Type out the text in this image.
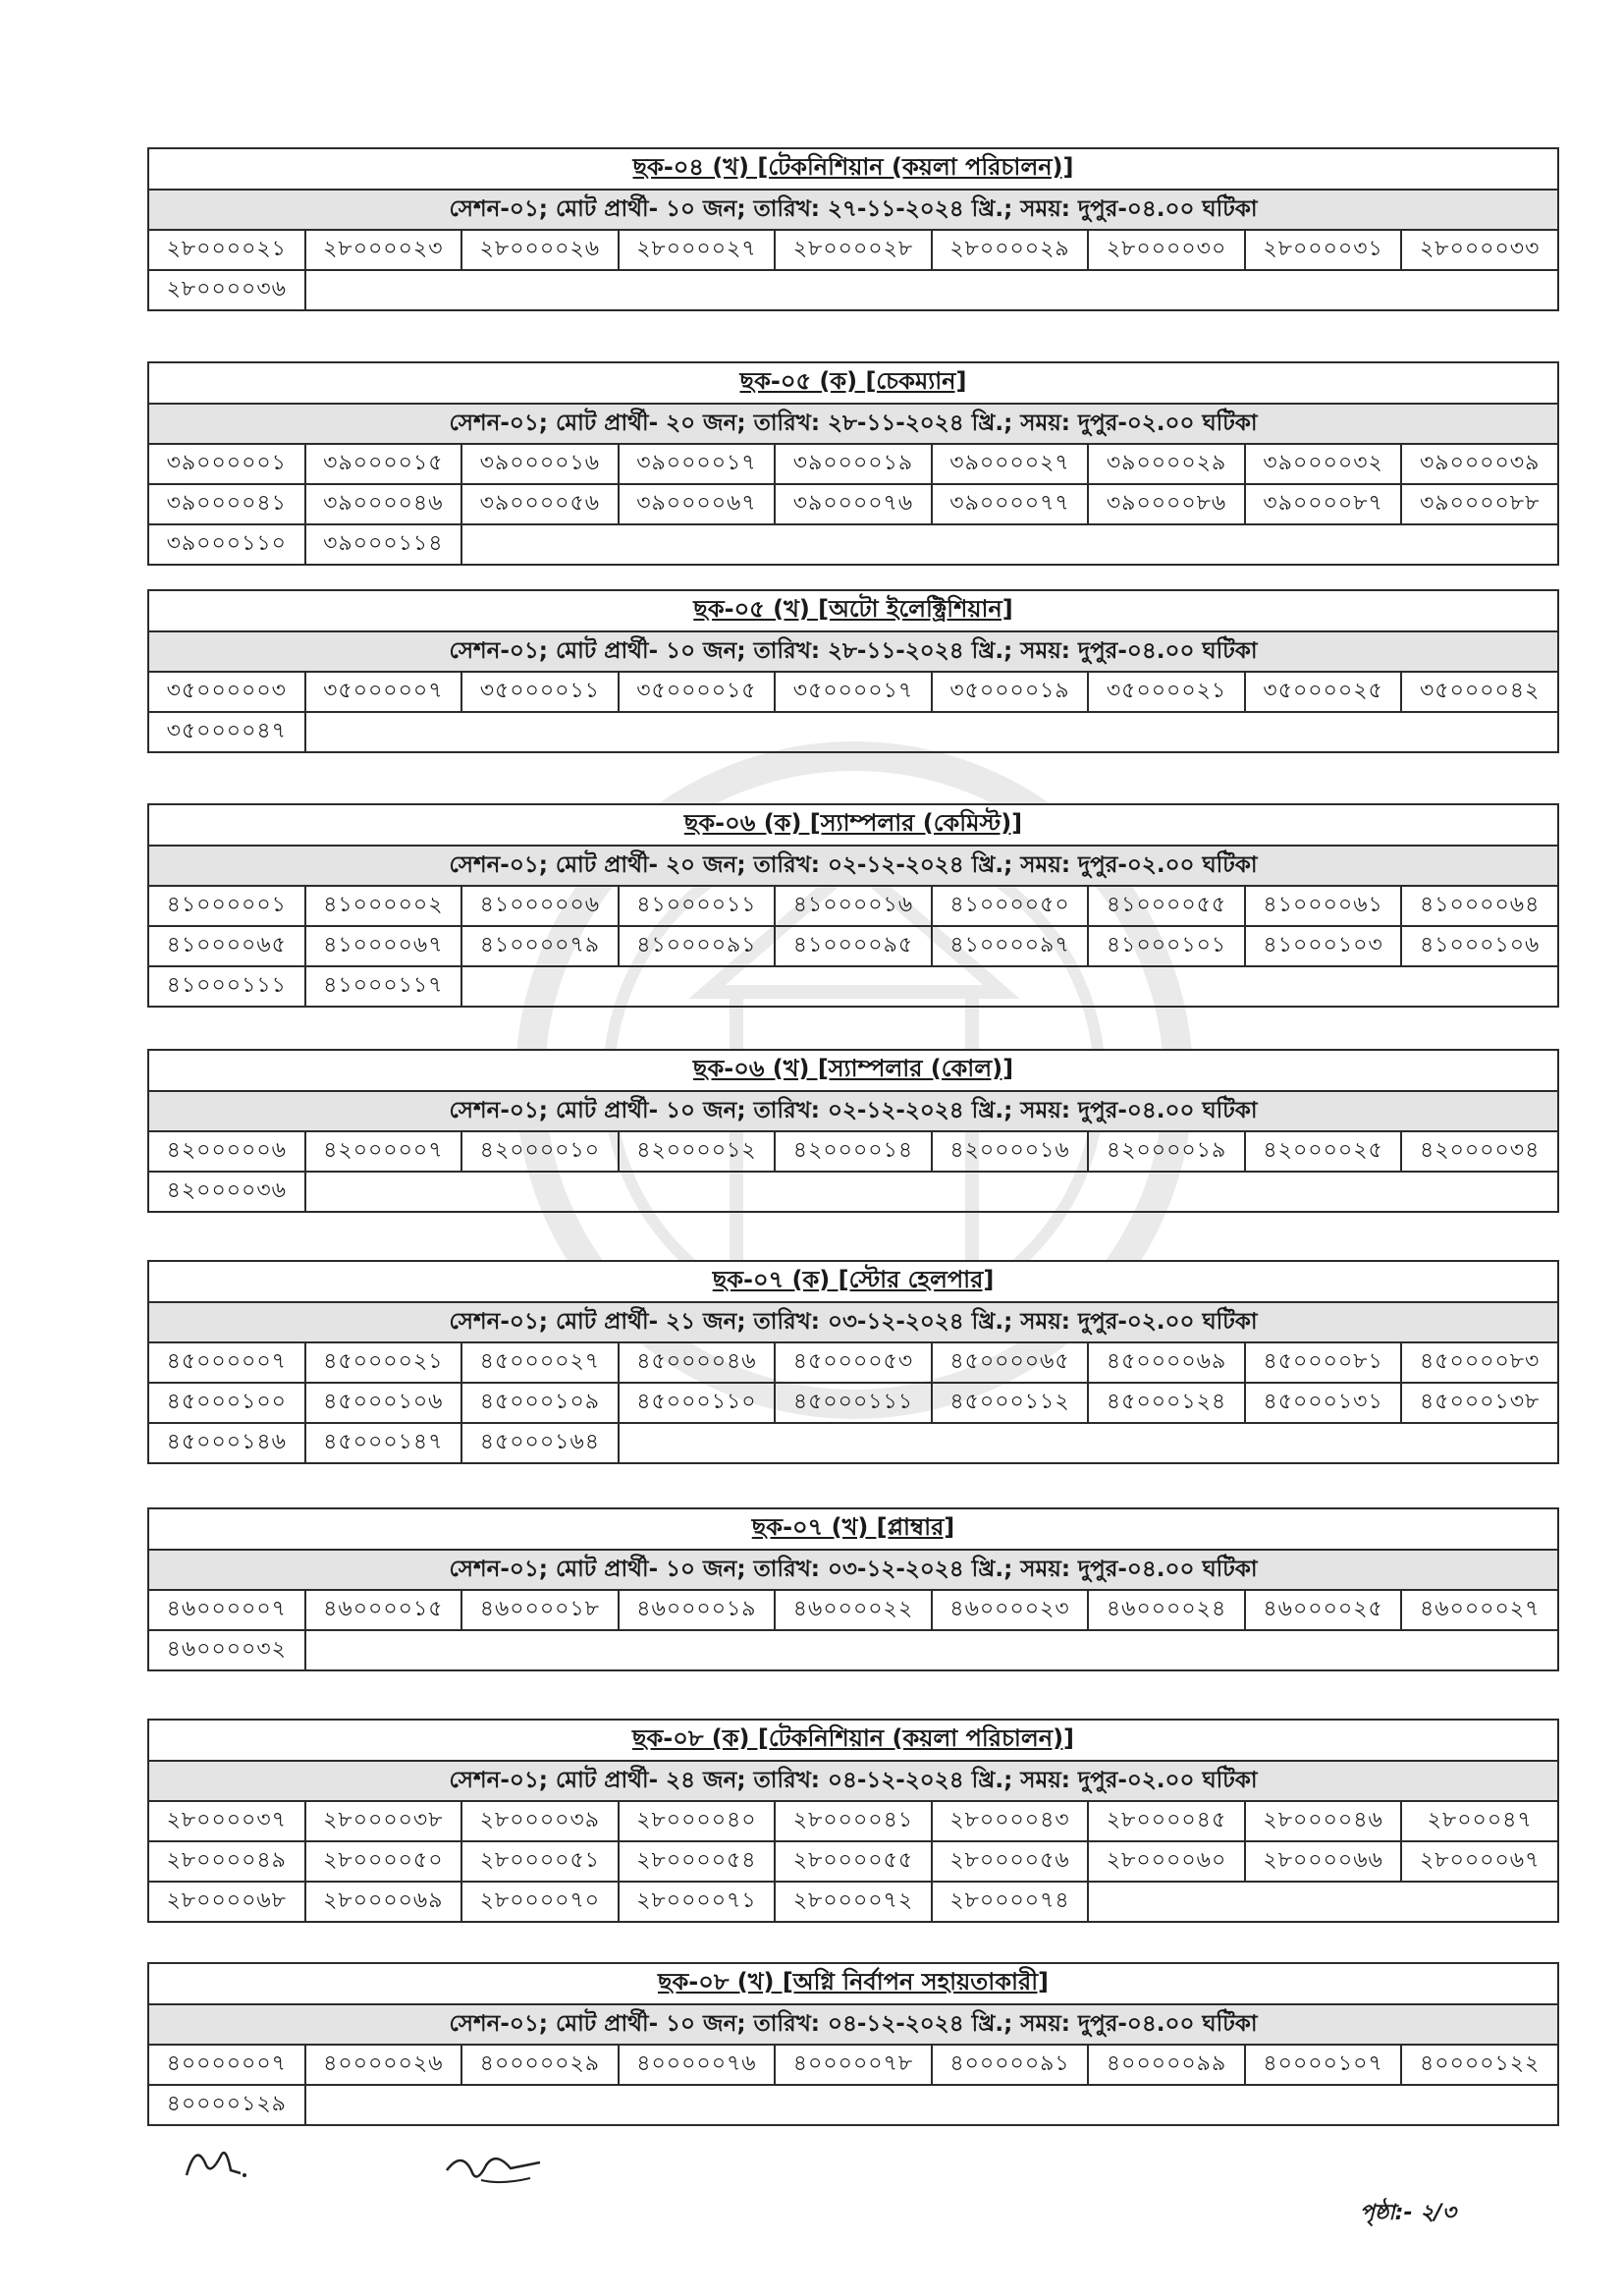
ছক-০৪ (খ) [টেকনিশিয়ান (কয়লা পরিচালন)]								
সেশন-০১; মোট প্রার্থী- ১০ জন; তারিখ: ২৭-১১-২০২৪ খ্রি.; সময়: দুপুর-০৪.০০ ঘটিকা								
২৮০০০০২১	২৮০০০০২৩	২৮০০০০২৬	২৮০০০০২৭	২৮০০০০২৮	২৮০০০০২৯	২৮০০০০৩০	২৮০০০০৩১	২৮০০০০৩৩
২৮০০০০৩৬								
ছক-০৫ (ক) [চেকম্যান]								
সেশন-০১; মোট প্রার্থী- ২০ জন; তারিখ: ২৮-১১-২০২৪ খ্রি.; সময়: দুপুর-০২.০০ ঘটিকা								
৩৯০০০০০১	৩৯০০০০১৫	৩৯০০০০১৬	৩৯০০০০১৭	৩৯০০০০১৯	৩৯০০০০২৭	৩৯০০০০২৯	৩৯০০০০৩২	৩৯০০০০৩৯
৩৯০০০০৪১	৩৯০০০০৪৬	৩৯০০০০৫৬	৩৯০০০০৬৭	৩৯০০০০৭৬	৩৯০০০০৭৭	৩৯০০০০৮৬	৩৯০০০০৮৭	৩৯০০০০৮৮
৩৯০০০১১০	৩৯০০০১১৪							
ছক-০৫ (খ) [অটো ইলেক্ট্রিশিয়ান]								
সেশন-০১; মোট প্রার্থী- ১০ জন; তারিখ: ২৮-১১-২০২৪ খ্রি.; সময়: দুপুর-০৪.০০ ঘটিকা								
৩৫০০০০০৩	৩৫০০০০০৭	৩৫০০০০১১	৩৫০০০০১৫	৩৫০০০০১৭	৩৫০০০০১৯	৩৫০০০০২১	৩৫০০০০২৫	৩৫০০০০৪২
৩৫০০০০৪৭								
ছক-০৬ (ক) [স্যাম্পলার (কেমিস্ট)]								
সেশন-০১; মোট প্রার্থী- ২০ জন; তারিখ: ০২-১২-২০২৪ খ্রি.; সময়: দুপুর-০২.০০ ঘটিকা								
৪১০০০০০১	৪১০০০০০২	৪১০০০০০৬	৪১০০০০১১	৪১০০০০১৬	৪১০০০০৫০	৪১০০০০৫৫	৪১০০০০৬১	৪১০০০০৬৪
৪১০০০০৬৫	৪১০০০০৬৭	৪১০০০০৭৯	৪১০০০০৯১	৪১০০০০৯৫	৪১০০০০৯৭	৪১০০০১০১	৪১০০০১০৩	৪১০০০১০৬
৪১০০০১১১	৪১০০০১১৭							
ছক-০৬ (খ) [স্যাম্পলার (কোল)]								
সেশন-০১; মোট প্রার্থী- ১০ জন; তারিখ: ০২-১২-২০২৪ খ্রি.; সময়: দুপুর-০৪.০০ ঘটিকা								
৪২০০০০০৬	৪২০০০০০৭	৪২০০০০১০	৪২০০০০১২	৪২০০০০১৪	৪২০০০০১৬	৪২০০০০১৯	৪২০০০০২৫	৪২০০০০৩৪
৪২০০০০৩৬								
ছক-০৭ (ক) [স্টোর হেলপার]								
সেশন-০১; মোট প্রার্থী- ২১ জন; তারিখ: ০৩-১২-২০২৪ খ্রি.; সময়: দুপুর-০২.০০ ঘটিকা								
৪৫০০০০০৭	৪৫০০০০২১	৪৫০০০০২৭	৪৫০০০০৪৬	৪৫০০০০৫৩	৪৫০০০০৬৫	৪৫০০০০৬৯	৪৫০০০০৮১	৪৫০০০০৮৩
৪৫০০০১০০	৪৫০০০১০৬	৪৫০০০১০৯	৪৫০০০১১০	৪৫০০০১১১	৪৫০০০১১২	৪৫০০০১২৪	৪৫০০০১৩১	৪৫০০০১৩৮
৪৫০০০১৪৬	৪৫০০০১৪৭	৪৫০০০১৬৪						
ছক-০৭ (খ) [প্লাম্বার]								
সেশন-০১; মোট প্রার্থী- ১০ জন; তারিখ: ০৩-১২-২০২৪ খ্রি.; সময়: দুপুর-০৪.০০ ঘটিকা								
৪৬০০০০০৭	৪৬০০০০১৫	৪৬০০০০১৮	৪৬০০০০১৯	৪৬০০০০২২	৪৬০০০০২৩	৪৬০০০০২৪	৪৬০০০০২৫	৪৬০০০০২৭
৪৬০০০০৩২								
ছক-০৮ (ক) [টেকনিশিয়ান (কয়লা পরিচালন)]								
সেশন-০১; মোট প্রার্থী- ২৪ জন; তারিখ: ০৪-১২-২০২৪ খ্রি.; সময়: দুপুর-০২.০০ ঘটিকা								
২৮০০০০৩৭	২৮০০০০৩৮	২৮০০০০৩৯	২৮০০০০৪০	২৮০০০০৪১	২৮০০০০৪৩	২৮০০০০৪৫	২৮০০০০৪৬	২৮০০০৪৭
২৮০০০০৪৯	২৮০০০০৫০	২৮০০০০৫১	২৮০০০০৫৪	২৮০০০০৫৫	২৮০০০০৫৬	২৮০০০০৬০	২৮০০০০৬৬	২৮০০০০৬৭
২৮০০০০৬৮	২৮০০০০৬৯	২৮০০০০৭০	২৮০০০০৭১	২৮০০০০৭২	২৮০০০০৭৪			
ছক-০৮ (খ) [অগ্নি নির্বাপন সহায়তাকারী]								
সেশন-০১; মোট প্রার্থী- ১০ জন; তারিখ: ০৪-১২-২০২৪ খ্রি.; সময়: দুপুর-০৪.০০ ঘটিকা								
৪০০০০০০৭	৪০০০০০২৬	৪০০০০০২৯	৪০০০০০৭৬	৪০০০০০৭৮	৪০০০০০৯১	৪০০০০০৯৯	৪০০০০১০৭	৪০০০০১২২
৪০০০০১২৯								
পৃষ্ঠা:- ২/৩
